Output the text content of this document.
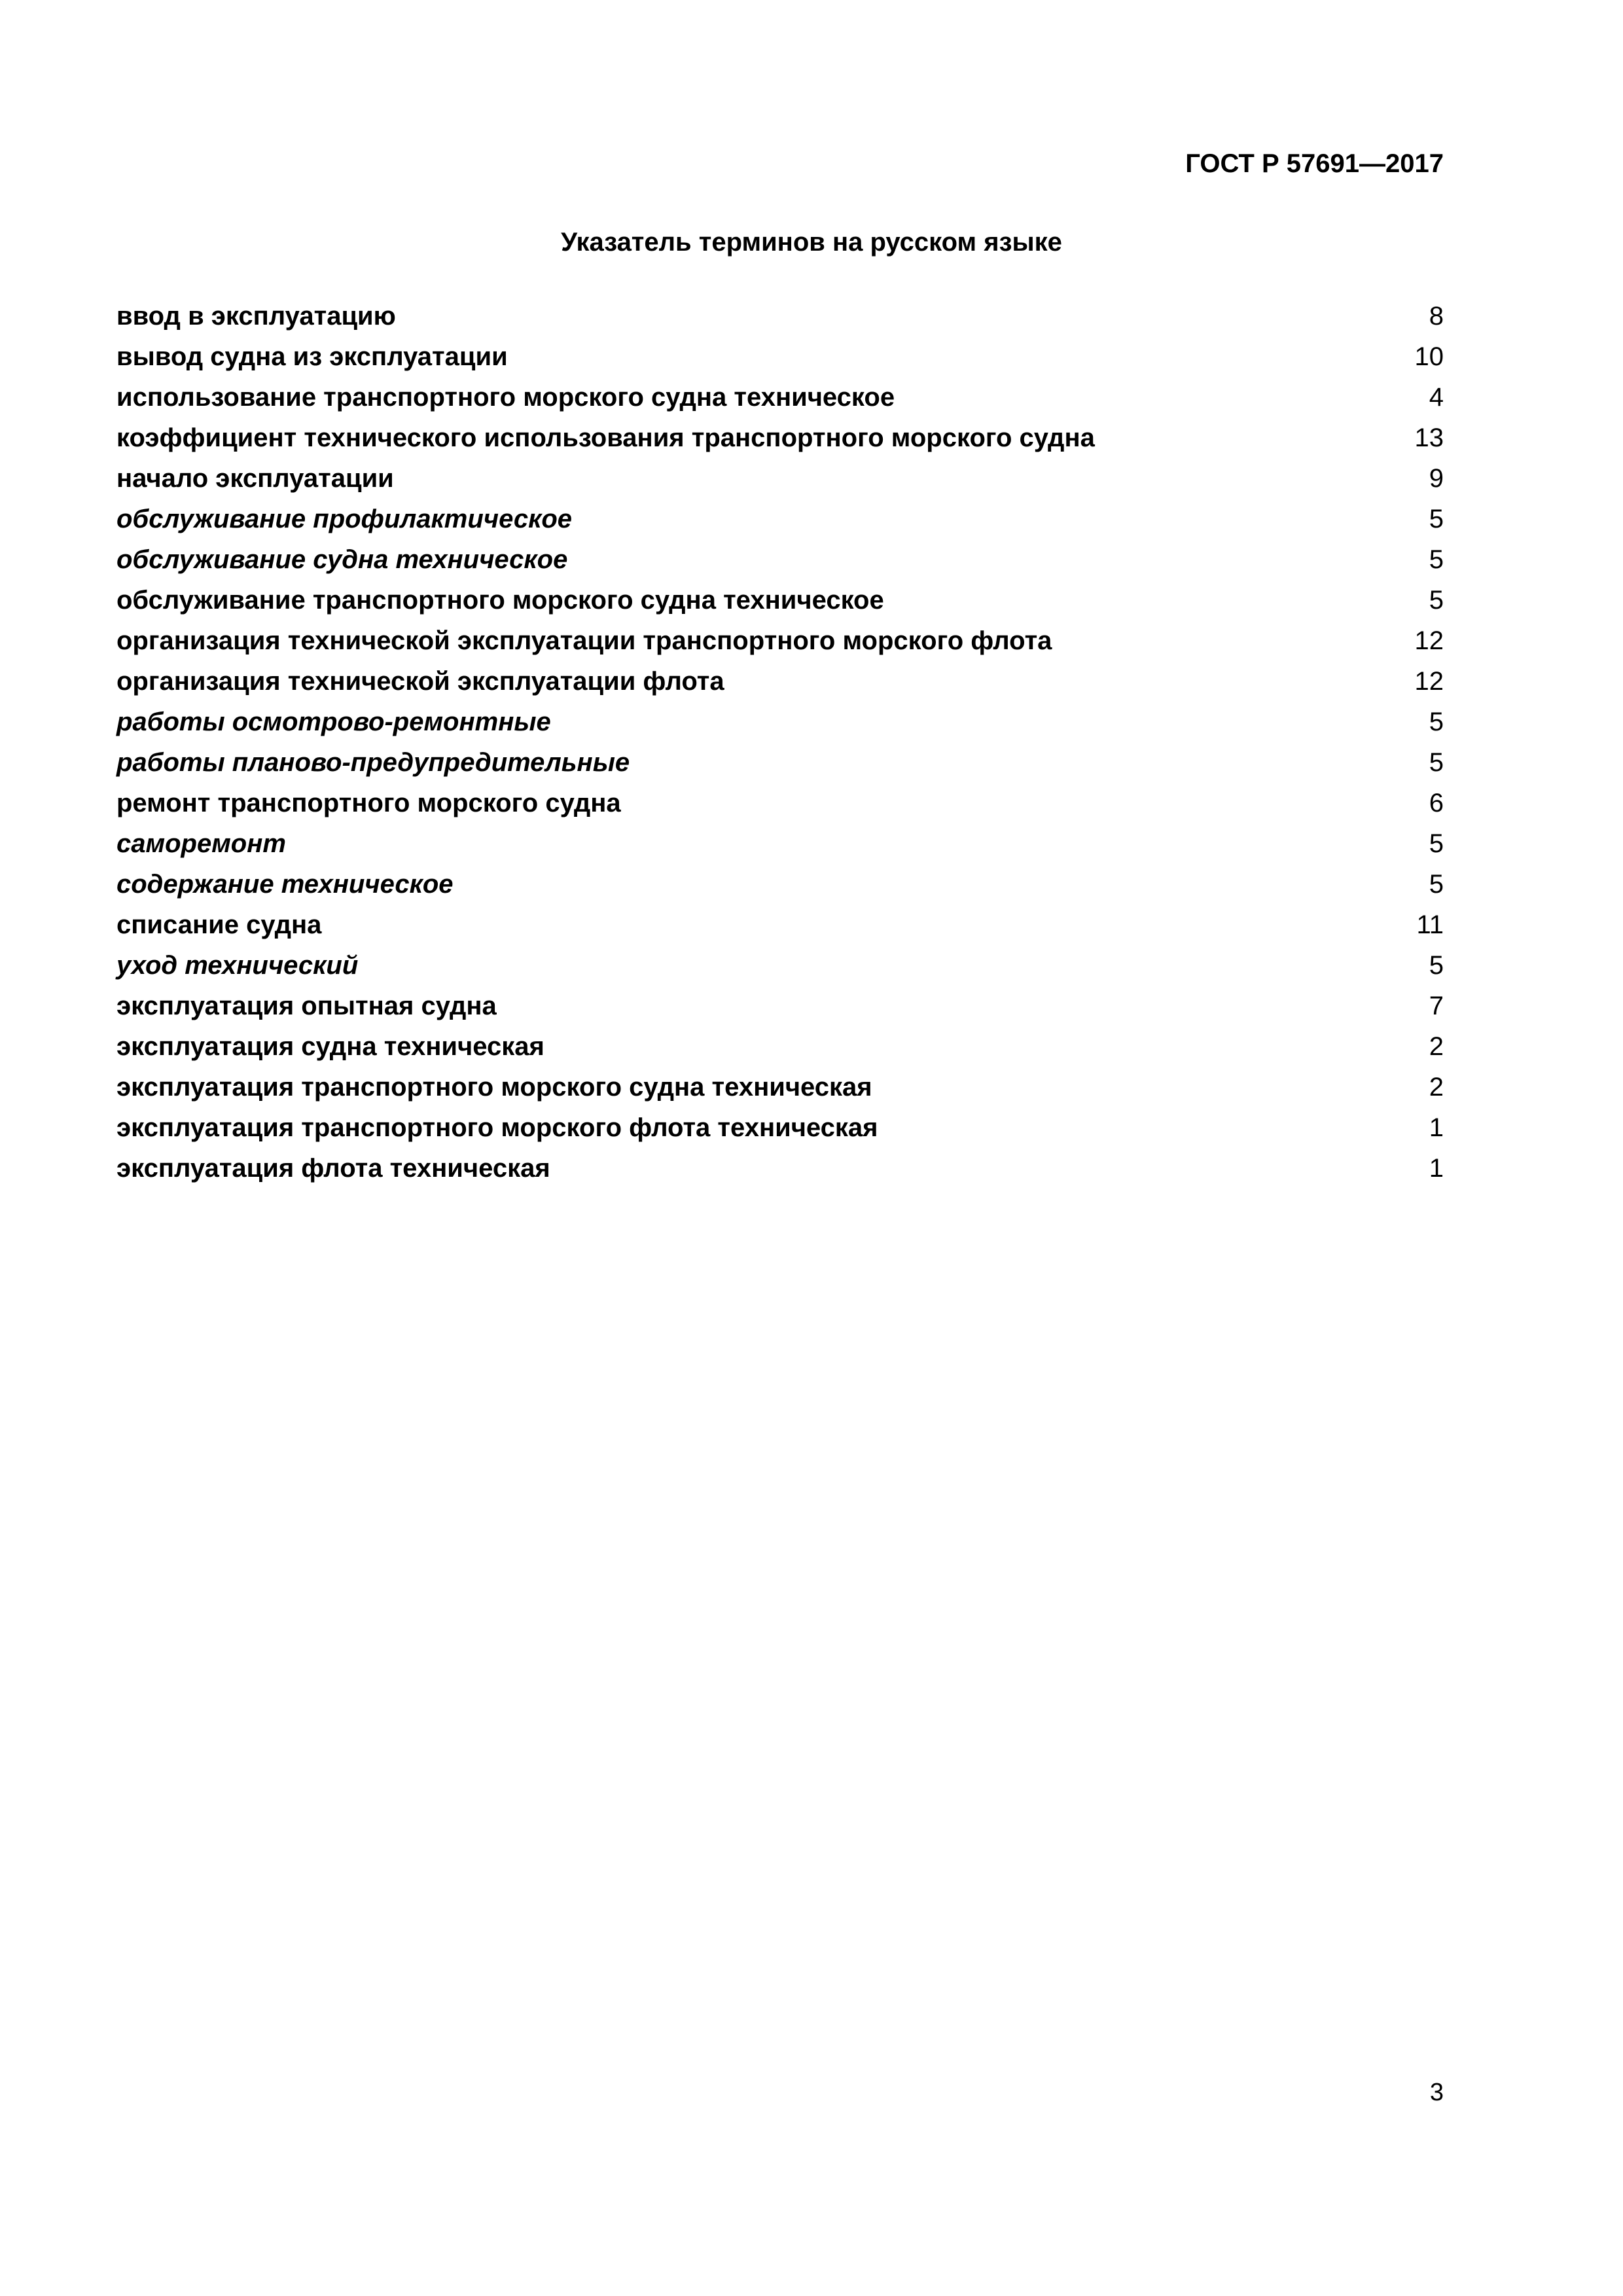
ГОСТ Р 57691—2017
Указатель терминов на русском языке
ввод в эксплуатацию	8
вывод судна из эксплуатации	10
использование транспортного морского судна техническое	4
коэффициент технического использования транспортного морского судна	13
начало эксплуатации	9
обслуживание профилактическое	5
обслуживание судна техническое	5
обслуживание транспортного морского судна техническое	5
организация технической эксплуатации транспортного морского флота	12
организация технической эксплуатации флота	12
работы осмотрово-ремонтные	5
работы планово-предупредительные	5
ремонт транспортного морского судна	6
саморемонт	5
содержание техническое	5
списание судна	11
уход технический	5
эксплуатация опытная судна	7
эксплуатация судна техническая	2
эксплуатация транспортного морского судна техническая	2
эксплуатация транспортного морского флота техническая	1
эксплуатация флота техническая	1
3
